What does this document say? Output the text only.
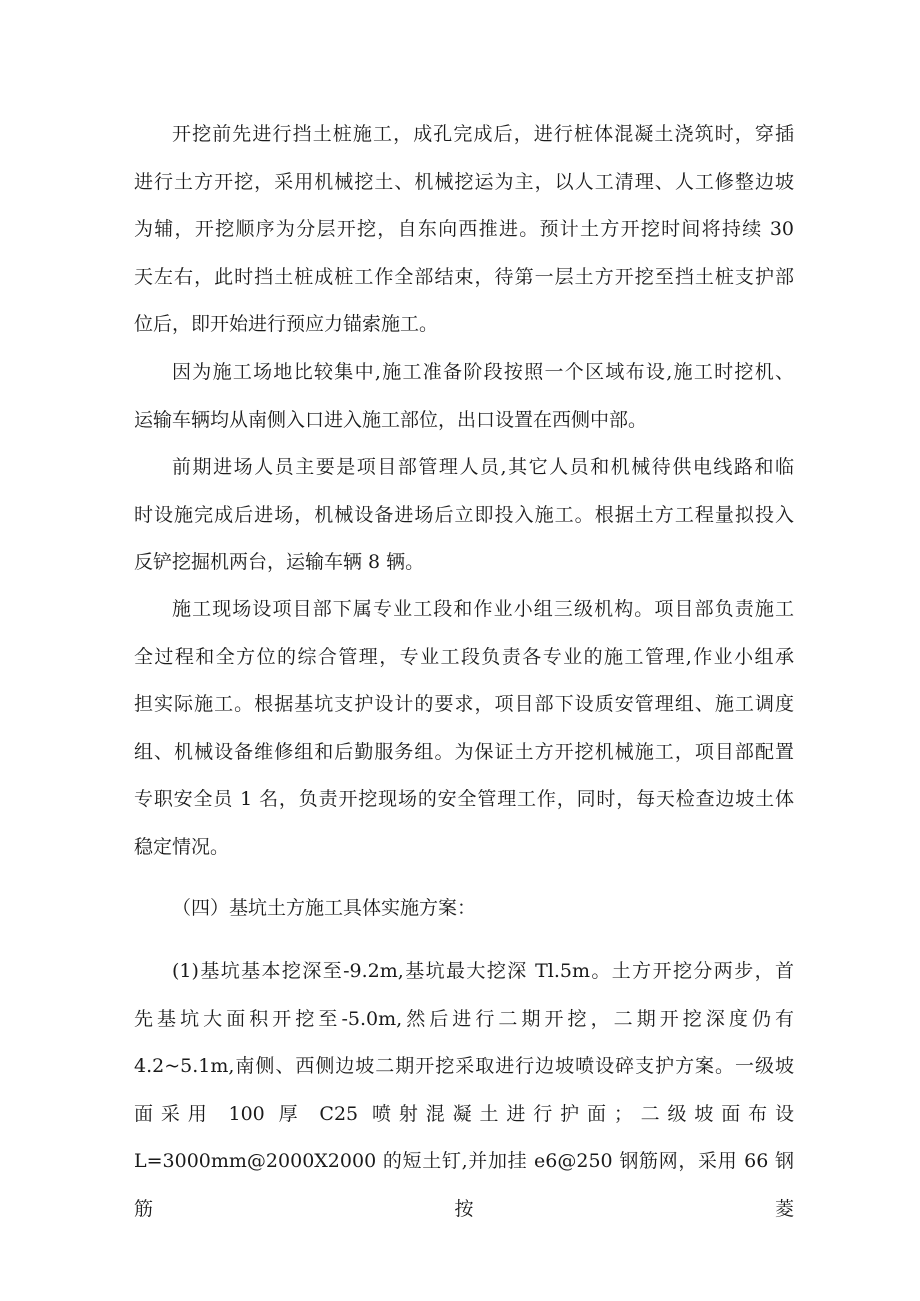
开挖前先进行挡土桩施工，成孔完成后，进行桩体混凝土浇筑时，穿插
进行土方开挖，采用机械挖土、机械挖运为主，以人工清理、人工修整边坡
为辅，开挖顺序为分层开挖，自东向西推进。预计土方开挖时间将持续 30
天左右，此时挡土桩成桩工作全部结束，待第一层土方开挖至挡土桩支护部
位后，即开始进行预应力锚索施工。
因为施工场地比较集中,施工准备阶段按照一个区域布设,施工时挖机、
运输车辆均从南侧入口进入施工部位，出口设置在西侧中部。
前期进场人员主要是项目部管理人员,其它人员和机械待供电线路和临
时设施完成后进场，机械设备进场后立即投入施工。根据土方工程量拟投入
反铲挖掘机两台，运输车辆 8 辆。
施工现场设项目部下属专业工段和作业小组三级机构。项目部负责施工
全过程和全方位的综合管理，专业工段负责各专业的施工管理,作业小组承
担实际施工。根据基坑支护设计的要求，项目部下设质安管理组、施工调度
组、机械设备维修组和后勤服务组。为保证土方开挖机械施工，项目部配置
专职安全员 1 名，负责开挖现场的安全管理工作，同时，每天检查边坡土体
稳定情况。
（四）基坑土方施工具体实施方案：
(1)基坑基本挖深至-9.2m,基坑最大挖深 Tl.5m。土方开挖分两步，首
先基坑大面积开挖至-5.0m,然后进行二期开挖，二期开挖深度仍有
4.2~5.1m,南侧、西侧边坡二期开挖采取进行边坡喷设碎支护方案。一级坡
面采用 100 厚 C25 喷射混凝土进行护面；二级坡面布设
L=3000mm@2000X2000 的短土钉,并加挂 e6@250 钢筋网，采用 66 钢筋按菱
